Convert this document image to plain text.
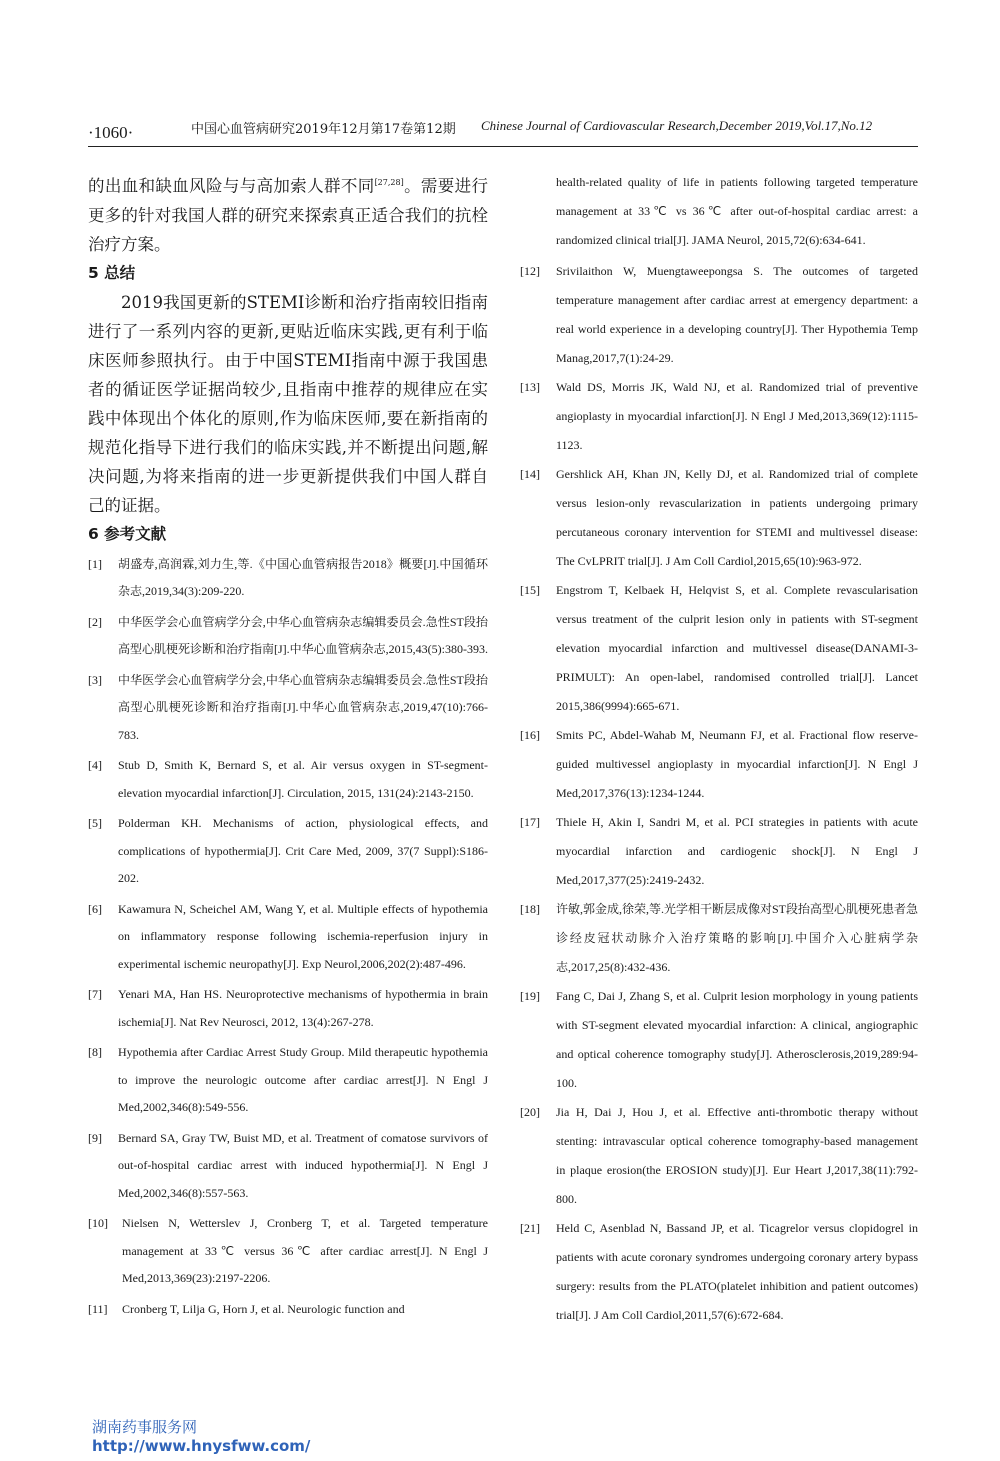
·1060·	中国心血管病研究2019年12月第17卷第12期 Chinese Journal of Cardiovascular Research,December 2019,Vol.17,No.12

的出血和缺血风险与与高加索人群不同[27,28]。需要进行更多的针对我国人群的研究来探索真正适合我们的抗栓治疗方案。

5 总结

2019我国更新的STEMI诊断和治疗指南较旧指南进行了一系列内容的更新,更贴近临床实践,更有利于临床医师参照执行。由于中国STEMI指南中源于我国患者的循证医学证据尚较少,且指南中推荐的规律应在实践中体现出个体化的原则,作为临床医师,要在新指南的规范化指导下进行我们的临床实践,并不断提出问题,解决问题,为将来指南的进一步更新提供我们中国人群自己的证据。

6 参考文献
[1] 胡盛寿,高润霖,刘力生,等.《中国心血管病报告2018》概要[J].中国循环杂志,2019,34(3):209-220.
[2] 中华医学会心血管病学分会,中华心血管病杂志编辑委员会.急性ST段抬高型心肌梗死诊断和治疗指南[J].中华心血管病杂志,2015,43(5):380-393.
[3] 中华医学会心血管病学分会,中华心血管病杂志编辑委员会.急性ST段抬高型心肌梗死诊断和治疗指南[J].中华心血管病杂志,2019,47(10):766-783.
[4] Stub D, Smith K, Bernard S, et al. Air versus oxygen in ST-segment-elevation myocardial infarction[J]. Circulation, 2015, 131(24):2143-2150.
[5] Polderman KH. Mechanisms of action, physiological effects, and complications of hypothermia[J]. Crit Care Med, 2009, 37(7 Suppl):S186-202.
[6] Kawamura N, Scheichel AM, Wang Y, et al. Multiple effects of hypothemia on inflammatory response following ischemia-reperfusion injury in experimental ischemic neuropathy[J]. Exp Neurol,2006,202(2):487-496.
[7] Yenari MA, Han HS. Neuroprotective mechanisms of hypothermia in brain ischemia[J]. Nat Rev Neurosci, 2012, 13(4):267-278.
[8] Hypothemia after Cardiac Arrest Study Group. Mild therapeutic hypothemia to improve the neurologic outcome after cardiac arrest[J]. N Engl J Med,2002,346(8):549-556.
[9] Bernard SA, Gray TW, Buist MD, et al. Treatment of comatose survivors of out-of-hospital cardiac arrest with induced hypothermia[J]. N Engl J Med,2002,346(8):557-563.
[10] Nielsen N, Wetterslev J, Cronberg T, et al. Targeted temperature management at 33℃ versus 36℃ after cardiac arrest[J]. N Engl J Med,2013,369(23):2197-2206.
[11] Cronberg T, Lilja G, Horn J, et al. Neurologic function and

health-related quality of life in patients following targeted temperature management at 33℃ vs 36℃ after out-of-hospital cardiac arrest: a randomized clinical trial[J]. JAMA Neurol, 2015,72(6):634-641.

[12] Srivilaithon W, Muengtaweepongsa S. The outcomes of targeted temperature management after cardiac arrest at emergency department: a real world experience in a developing country[J]. Ther Hypothemia Temp Manag,2017,7(1):24-29.
[13] Wald DS, Morris JK, Wald NJ, et al. Randomized trial of preventive angioplasty in myocardial infarction[J]. N Engl J Med,2013,369(12):1115-1123.
[14] Gershlick AH, Khan JN, Kelly DJ, et al. Randomized trial of complete versus lesion-only revascularization in patients undergoing primary percutaneous coronary intervention for STEMI and multivessel disease: The CvLPRIT trial[J]. J Am Coll Cardiol,2015,65(10):963-972.
[15] Engstrom T, Kelbaek H, Helqvist S, et al. Complete revascularisation versus treatment of the culprit lesion only in patients with ST-segment elevation myocardial infarction and multivessel disease(DANAMI-3-PRIMULT): An open-label, randomised controlled trial[J]. Lancet 2015,386(9994):665-671.
[16] Smits PC, Abdel-Wahab M, Neumann FJ, et al. Fractional flow reserve-guided multivessel angioplasty in myocardial infarction[J]. N Engl J Med,2017,376(13):1234-1244.
[17] Thiele H, Akin I, Sandri M, et al. PCI strategies in patients with acute myocardial infarction and cardiogenic shock[J]. N Engl J Med,2017,377(25):2419-2432.
[18] 许敏,郭金成,徐荣,等.光学相干断层成像对ST段抬高型心肌梗死患者急诊经皮冠状动脉介入治疗策略的影响[J].中国介入心脏病学杂志,2017,25(8):432-436.
[19] Fang C, Dai J, Zhang S, et al. Culprit lesion morphology in young patients with ST-segment elevated myocardial infarction: A clinical, angiographic and optical coherence tomography study[J]. Atherosclerosis,2019,289:94-100.
[20] Jia H, Dai J, Hou J, et al. Effective anti-thrombotic therapy without stenting: intravascular optical coherence tomography-based management in plaque erosion(the EROSION study)[J]. Eur Heart J,2017,38(11):792-800.
[21] Held C, Asenblad N, Bassand JP, et al. Ticagrelor versus clopidogrel in patients with acute coronary syndromes undergoing coronary artery bypass surgery: results from the PLATO(platelet inhibition and patient outcomes) trial[J]. J Am Coll Cardiol,2011,57(6):672-684.
湖南药事服务网
http://www.hnysfww.com/
